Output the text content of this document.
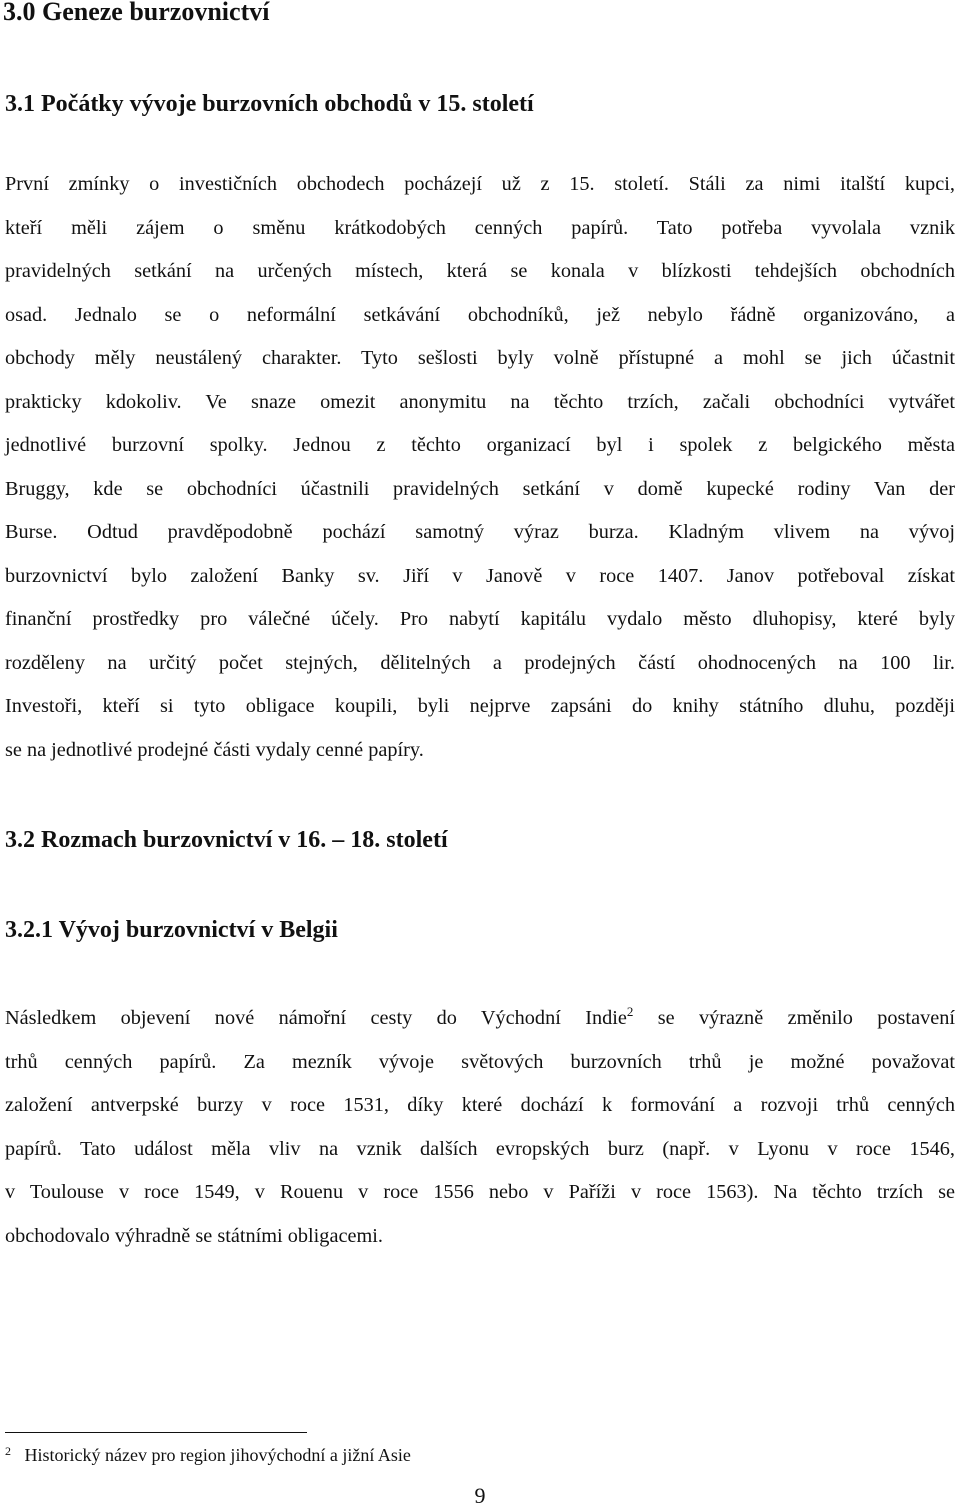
3.0 Geneze burzovnictví
3.1 Počátky vývoje burzovních obchodů v 15. století
První zmínky o investičních obchodech pocházejí už z 15. století. Stáli za nimi italští kupci,
kteří měli zájem o směnu krátkodobých cenných papírů. Tato potřeba vyvolala vznik
pravidelných setkání na určených místech, která se konala v blízkosti tehdejších obchodních
osad. Jednalo se o neformální setkávání obchodníků, jež nebylo řádně organizováno, a
obchody měly neustálený charakter. Tyto sešlosti byly volně přístupné a mohl se jich účastnit
prakticky kdokoliv. Ve snaze omezit anonymitu na těchto trzích, začali obchodníci vytvářet
jednotlivé burzovní spolky. Jednou z těchto organizací byl i spolek z belgického města
Bruggy, kde se obchodníci účastnili pravidelných setkání v domě kupecké rodiny Van der
Burse. Odtud pravděpodobně pochází samotný výraz burza. Kladným vlivem na vývoj
burzovnictví bylo založení Banky sv. Jiří v Janově v roce 1407. Janov potřeboval získat
finanční prostředky pro válečné účely. Pro nabytí kapitálu vydalo město dluhopisy, které byly
rozděleny na určitý počet stejných, dělitelných a prodejných částí ohodnocených na 100 lir.
Investoři, kteří si tyto obligace koupili, byli nejprve zapsáni do knihy státního dluhu, později
se na jednotlivé prodejné části vydaly cenné papíry.
3.2 Rozmach burzovnictví v 16. – 18. století
3.2.1 Vývoj burzovnictví v Belgii
Následkem objevení nové námořní cesty do Východní Indie$^2$ se výrazně změnilo postavení
trhů cenných papírů. Za mezník vývoje světových burzovních trhů je možné považovat
založení antverpské burzy v roce 1531, díky které dochází k formování a rozvoji trhů cenných
papírů. Tato událost měla vliv na vznik dalších evropských burz (např. v Lyonu v roce 1546,
v Toulouse v roce 1549, v Rouenu v roce 1556 nebo v Paříži v roce 1563). Na těchto trzích se
obchodovalo výhradně se státními obligacemi.

$^2$ Historický název pro region jihovýchodní a jižní Asie

9
